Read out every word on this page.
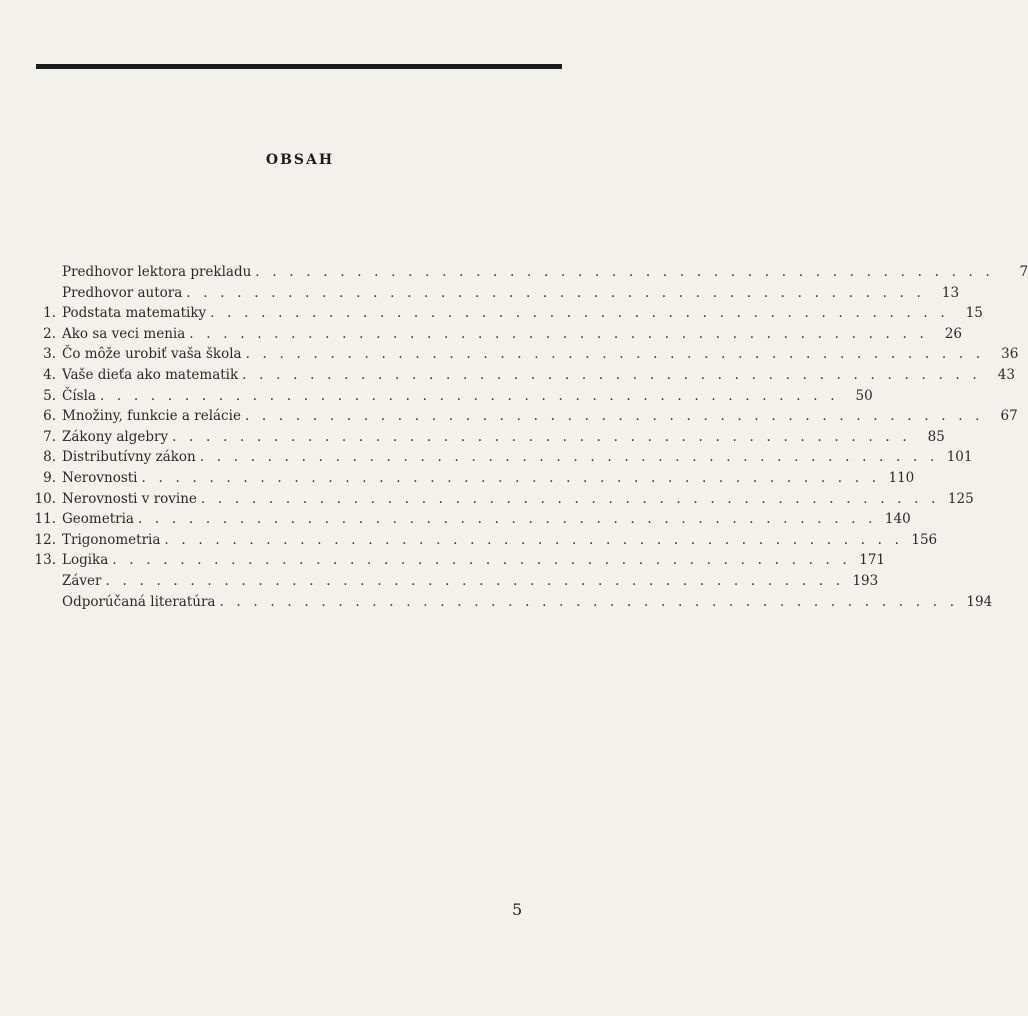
OBSAH
Predhovor lektora prekladu . . . . . . . . . . . . . . . . . . . . . . . . . . . . . . . . . . . . . . . . . . . .	7
Predhovor autora . . . . . . . . . . . . . . . . . . . . . . . . . . . . . . . . . . . . . . . . . . . .	13
1. Podstata matematiky . . . . . . . . . . . . . . . . . . . . . . . . . . . . . . . . . . . . . . . . . . . .	15
2. Ako sa veci menia . . . . . . . . . . . . . . . . . . . . . . . . . . . . . . . . . . . . . . . . . . . .	26
3. Čo môže urobiť vaša škola . . . . . . . . . . . . . . . . . . . . . . . . . . . . . . . . . . . . . . . . . . . .	36
4. Vaše dieťa ako matematik . . . . . . . . . . . . . . . . . . . . . . . . . . . . . . . . . . . . . . . . . . . .	43
5. Čísla . . . . . . . . . . . . . . . . . . . . . . . . . . . . . . . . . . . . . . . . . . . .	50
6. Množiny, funkcie a relácie . . . . . . . . . . . . . . . . . . . . . . . . . . . . . . . . . . . . . . . . . . . .	67
7. Zákony algebry . . . . . . . . . . . . . . . . . . . . . . . . . . . . . . . . . . . . . . . . . . . .	85
8. Distributívny zákon . . . . . . . . . . . . . . . . . . . . . . . . . . . . . . . . . . . . . . . . . . . . 101
9. Nerovnosti . . . . . . . . . . . . . . . . . . . . . . . . . . . . . . . . . . . . . . . . . . . . 110
10. Nerovnosti v rovine . . . . . . . . . . . . . . . . . . . . . . . . . . . . . . . . . . . . . . . . . . . . 125
11. Geometria . . . . . . . . . . . . . . . . . . . . . . . . . . . . . . . . . . . . . . . . . . . . 140
12. Trigonometria . . . . . . . . . . . . . . . . . . . . . . . . . . . . . . . . . . . . . . . . . . . . 156
13. Logika . . . . . . . . . . . . . . . . . . . . . . . . . . . . . . . . . . . . . . . . . . . . 171
Záver . . . . . . . . . . . . . . . . . . . . . . . . . . . . . . . . . . . . . . . . . . . . 193
Odporúčaná literatúra . . . . . . . . . . . . . . . . . . . . . . . . . . . . . . . . . . . . . . . . . . . . 194
5
